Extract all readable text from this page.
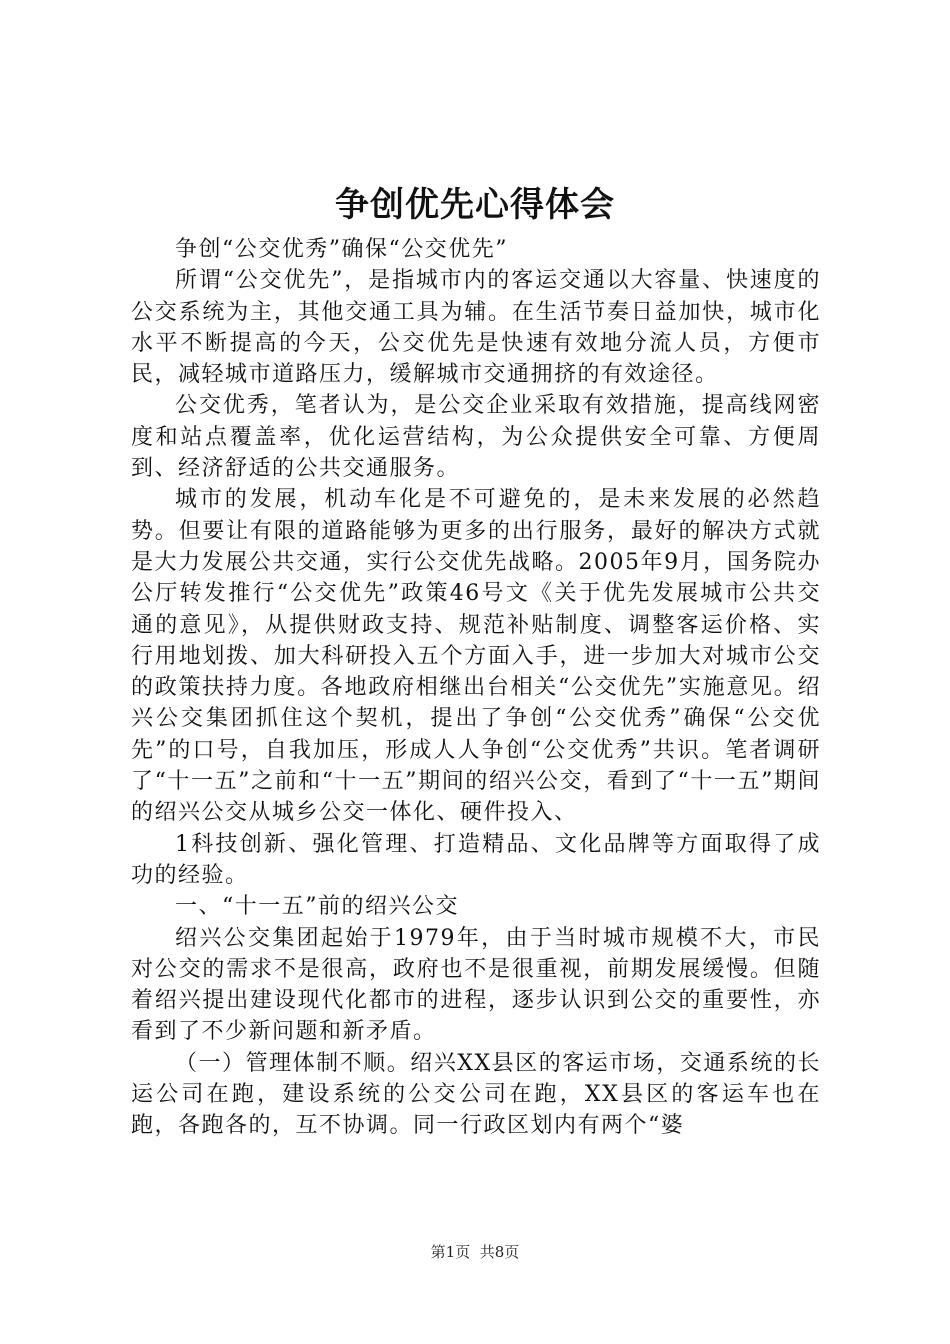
争创优先心得体会

争创“公交优秀”确保“公交优先”

所谓“公交优先”，是指城市内的客运交通以大容量、快速度的公交系统为主，其他交通工具为辅。在生活节奏日益加快，城市化水平不断提高的今天，公交优先是快速有效地分流人员，方便市民，减轻城市道路压力，缓解城市交通拥挤的有效途径。

公交优秀，笔者认为，是公交企业采取有效措施，提高线网密度和站点覆盖率，优化运营结构，为公众提供安全可靠、方便周到、经济舒适的公共交通服务。

城市的发展，机动车化是不可避免的，是未来发展的必然趋势。但要让有限的道路能够为更多的出行服务，最好的解决方式就是大力发展公共交通，实行公交优先战略。2005年9月，国务院办公厅转发推行“公交优先”政策46号文《关于优先发展城市公共交通的意见》，从提供财政支持、规范补贴制度、调整客运价格、实行用地划拨、加大科研投入五个方面入手，进一步加大对城市公交的政策扶持力度。各地政府相继出台相关“公交优先”实施意见。绍兴公交集团抓住这个契机，提出了争创“公交优秀”确保“公交优先”的口号，自我加压，形成人人争创“公交优秀”共识。笔者调研了“十一五”之前和“十一五”期间的绍兴公交，看到了“十一五”期间的绍兴公交从城乡公交一体化、硬件投入、

1科技创新、强化管理、打造精品、文化品牌等方面取得了成功的经验。

一、“十一五”前的绍兴公交

绍兴公交集团起始于1979年，由于当时城市规模不大，市民对公交的需求不是很高，政府也不是很重视，前期发展缓慢。但随着绍兴提出建设现代化都市的进程，逐步认识到公交的重要性，亦看到了不少新问题和新矛盾。

（一）管理体制不顺。绍兴XX县区的客运市场，交通系统的长运公司在跑，建设系统的公交公司在跑，XX县区的客运车也在跑，各跑各的，互不协调。同一行政区划内有两个“婆

第1页 共8页
